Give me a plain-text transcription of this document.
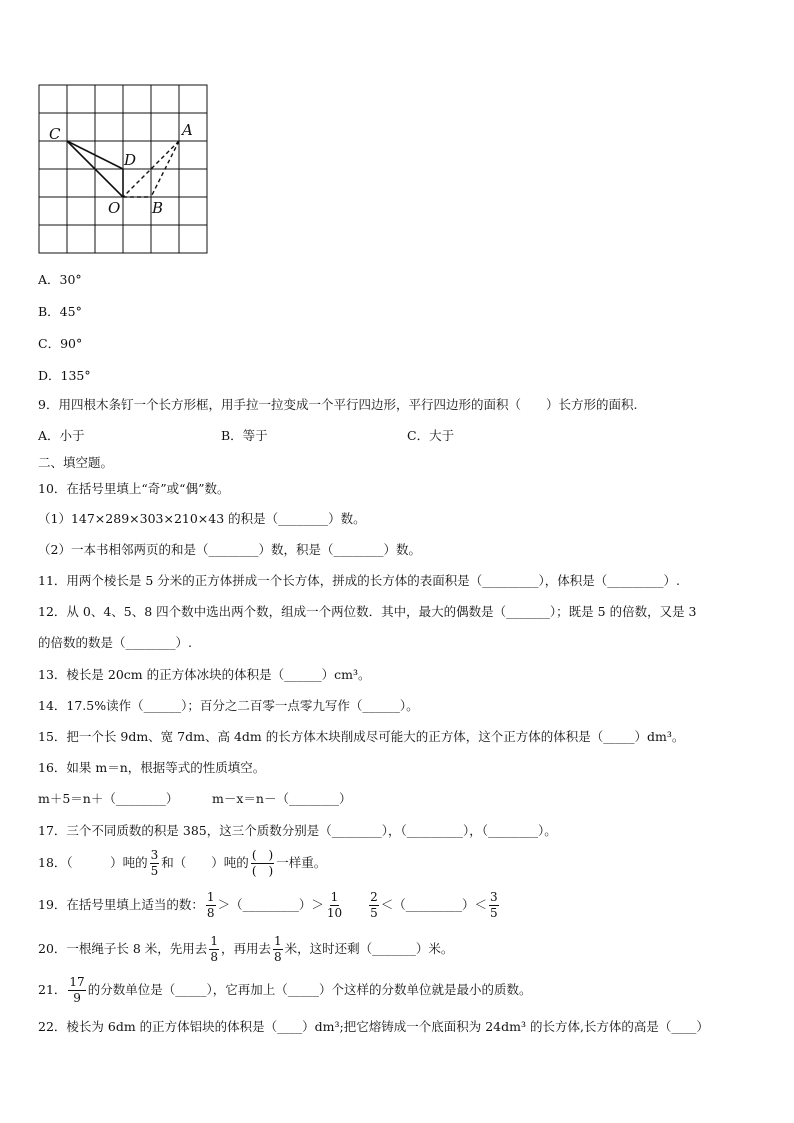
C	A
D
O B
A．30°
B．45°
C．90°
D．135°
9．用四根木条钉一个长方形框，用手拉一拉变成一个平行四边形，平行四边形的面积（　　）长方形的面积.
A．小于	B．等于	C．大于
二、填空题。
10．在括号里填上“奇”或“偶”数。
（1）147×289×303×210×43 的积是（________）数。
（2）一本书相邻两页的和是（________）数，积是（________）数。
11．用两个棱长是 5 分米的正方体拼成一个长方体，拼成的长方体的表面积是（_________），体积是（_________）.
12．从 0、4、5、8 四个数中选出两个数，组成一个两位数．其中，最大的偶数是（_______）；既是 5 的倍数，又是 3
的倍数的数是（________）.
13．棱长是 20cm 的正方体冰块的体积是（______）cm³。
14．17.5%读作（______）；百分之二百零一点零九写作（______）。
15．把一个长 9dm、宽 7dm、高 4dm 的长方体木块削成尽可能大的正方体，这个正方体的体积是（_____）dm³。
16．如果 m＝n，根据等式的性质填空。
m＋5＝n＋（________）	m－x＝n－（________）
17．三个不同质数的积是 385，这三个质数分别是（________），（_________），（________）。
18．（　　　）吨的 $\frac{3}{5}$ 和（　　）吨的 $\frac{( )}{( )}$ 一样重。
19．在括号里填上适当的数： $\frac{1}{8}$ ＞（_________）＞ $\frac{1}{10} \frac{2}{5}$ ＜（_________）＜ $\frac{3}{5}$
20．一根绳子长 8 米，先用去 $\frac{1}{8}$ ，再用去 $\frac{1}{8}$ 米，这时还剩（_______）米。
21． $\frac{17}{9}$ 的分数单位是（_____），它再加上（_____）个这样的分数单位就是最小的质数。
22．棱长为 6dm 的正方体铝块的体积是（____）dm³;把它熔铸成一个底面积为 24dm³ 的长方体,长方体的高是（____）
